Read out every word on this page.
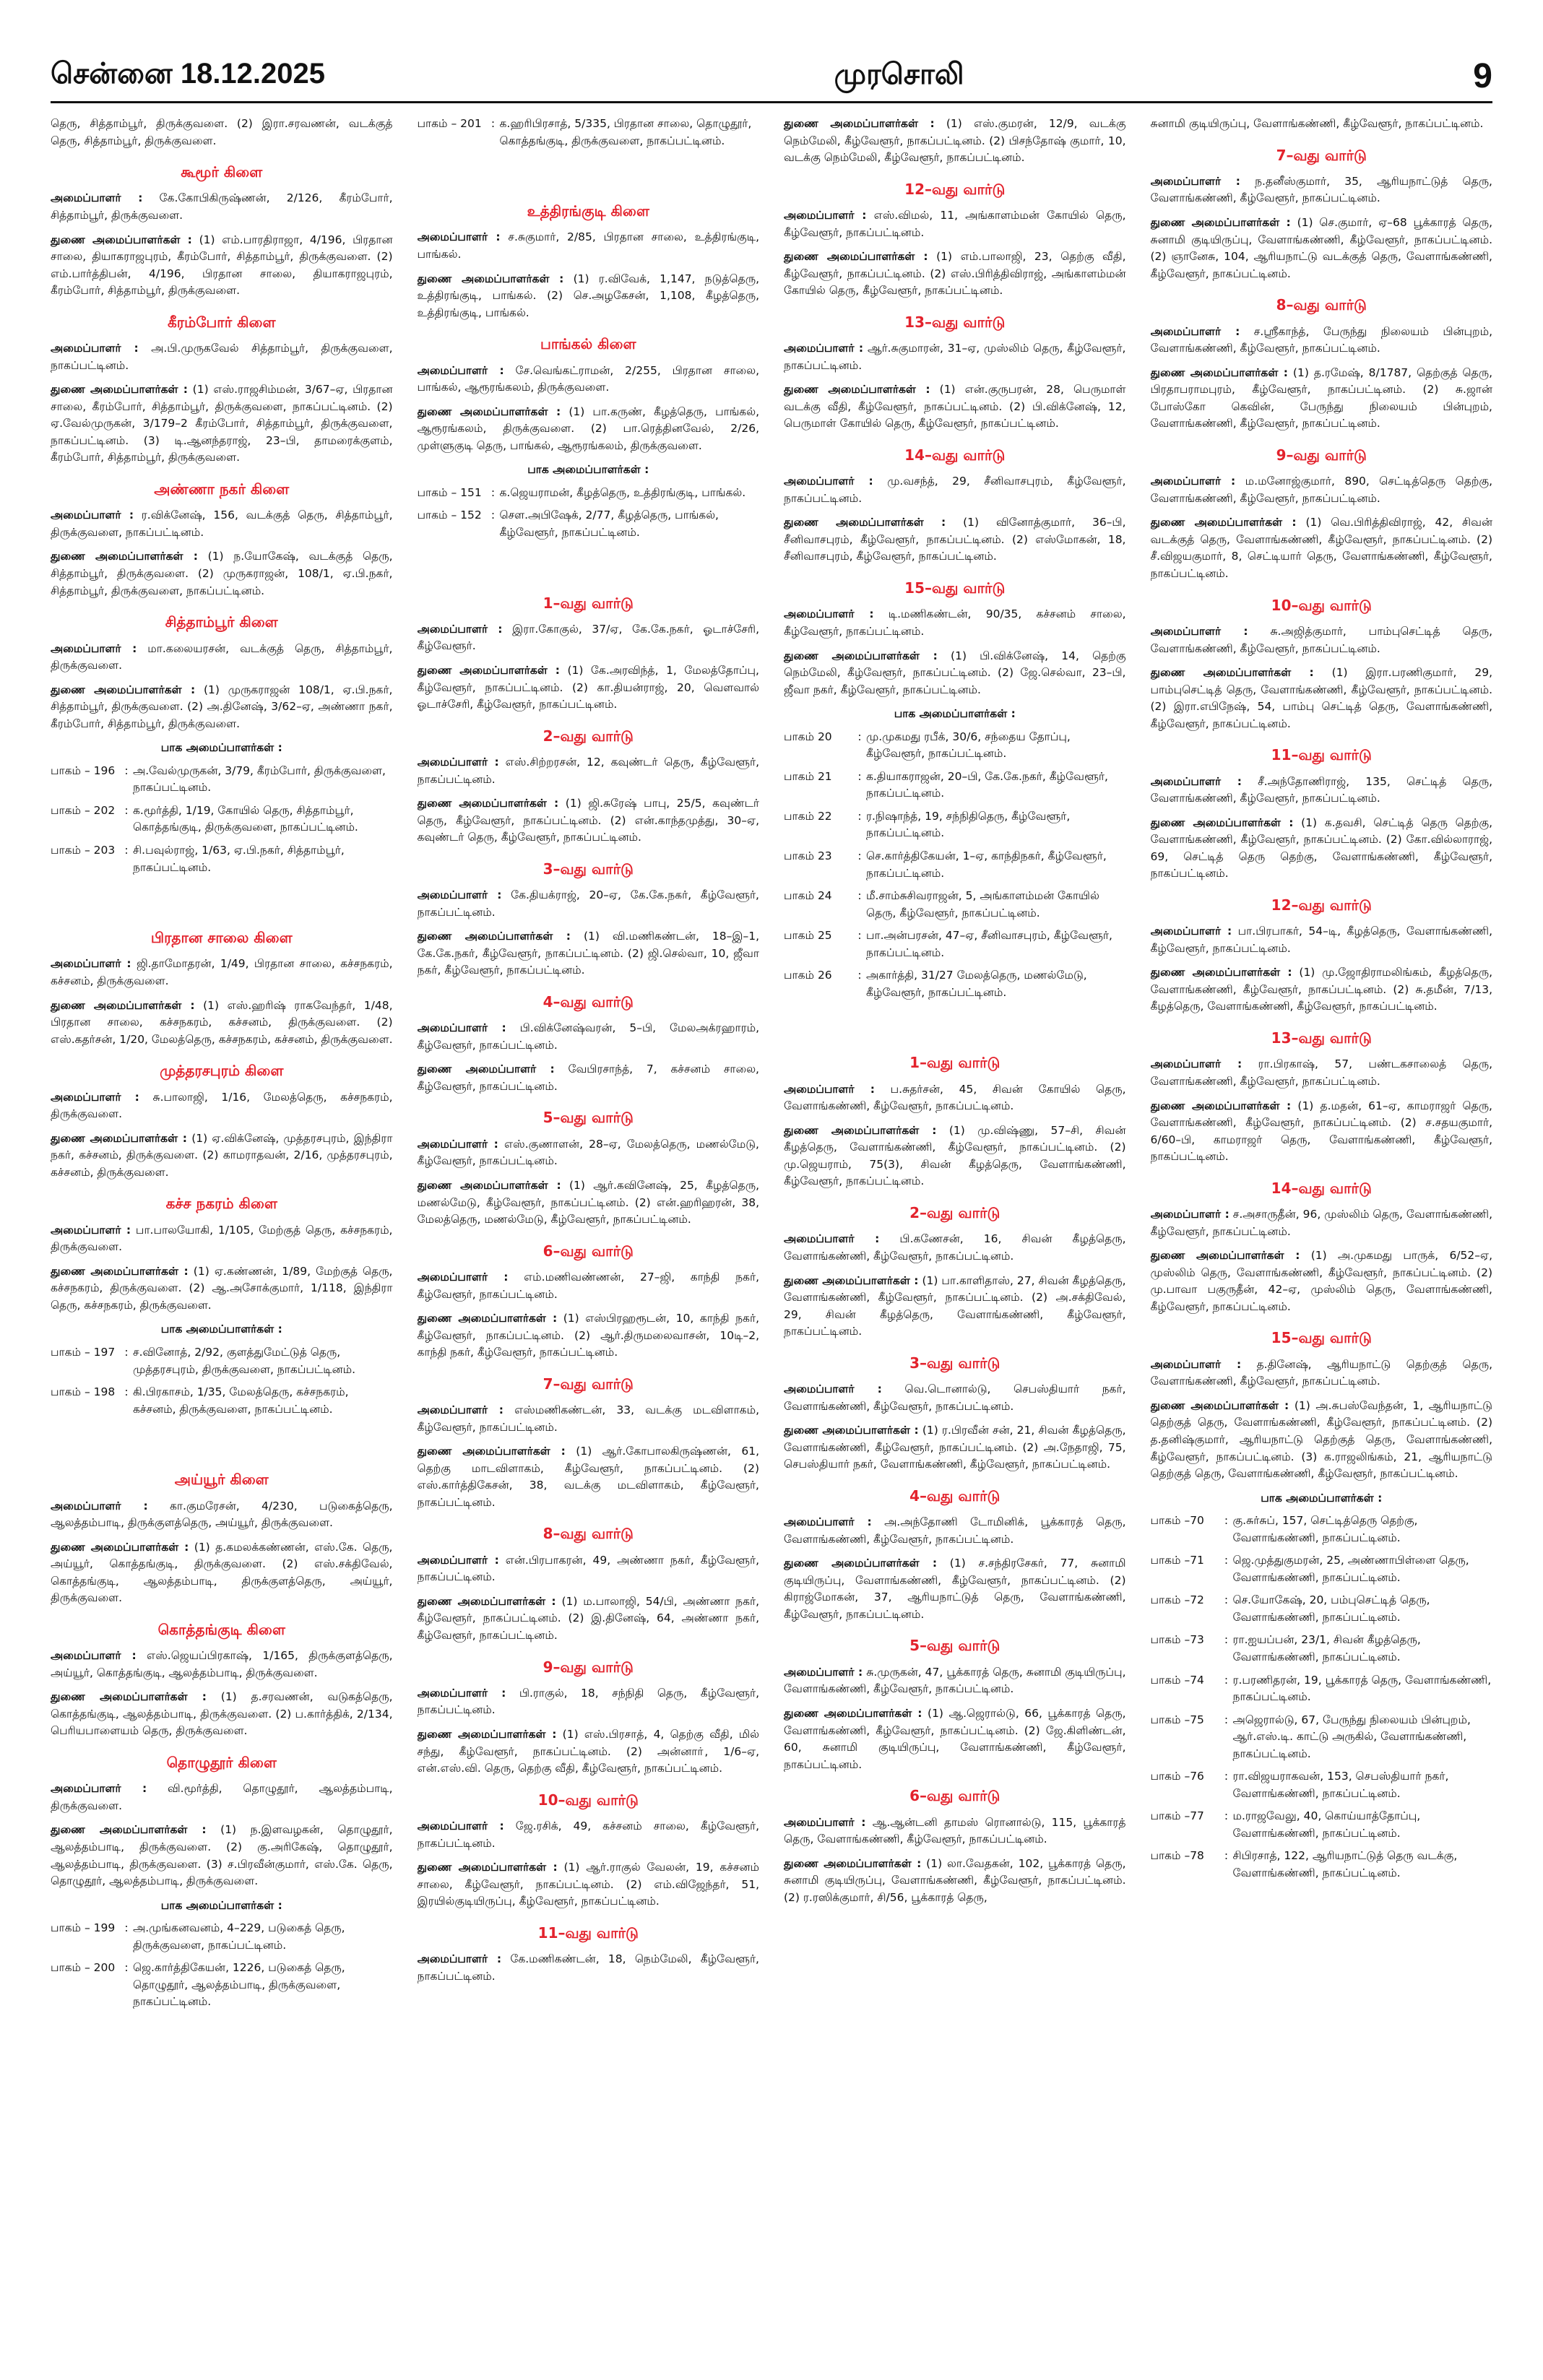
சென்னை 18.12.2025	முரசொலி	9
தெரு, சித்தாம்பூர், திருக்குவளை. (2) இரா.சரவணன், வடக்குத் தெரு, சித்தாம்பூர், திருக்குவளை.
கூமூர் கிளை
அமைப்பாளர் : கே.கோபிகிருஷ்ணன், 2/126, கீரம்போர், சித்தாம்பூர், திருக்குவளை.
துணை அமைப்பாளர்கள் : (1) எம்.பாரதிராஜா, 4/196, பிரதான சாலை, தியாகராஜபுரம், கீரம்போர், சித்தாம்பூர், திருக்குவளை. (2) எம்.பார்த்திபன், 4/196, பிரதான சாலை, தியாகராஜபுரம், கீரம்போர், சித்தாம்பூர், திருக்குவளை.
கீரம்போர் கிளை
அமைப்பாளர் : அ.பி.முருகவேல் சித்தாம்பூர், திருக்குவளை, நாகப்பட்டினம்.
துணை அமைப்பாளர்கள் : (1) எஸ்.ராஜசிம்மன், 3/67–ஏ, பிரதான சாலை, கீரம்போர், சித்தாம்பூர், திருக்குவளை, நாகப்பட்டினம். (2) ஏ.வேல்முருகன், 3/179–2 கீரம்போர், சித்தாம்பூர், திருக்குவளை, நாகப்பட்டினம். (3) டி.ஆனந்தராஜ், 23–பி, தாமரைக்குளம், கீரம்போர், சித்தாம்பூர், திருக்குவளை.
அண்ணா நகர் கிளை
அமைப்பாளர் : ர.விக்னேஷ், 156, வடக்குத் தெரு, சித்தாம்பூர், திருக்குவளை, நாகப்பட்டினம்.
துணை அமைப்பாளர்கள் : (1) ந.யோகேஷ், வடக்குத் தெரு, சித்தாம்பூர், திருக்குவளை. (2) முருகராஜன், 108/1, ஏ.பி.நகர், சித்தாம்பூர், திருக்குவளை, நாகப்பட்டினம்.
சித்தாம்பூர் கிளை
அமைப்பாளர் : மா.கலையரசன், வடக்குத் தெரு, சித்தாம்பூர், திருக்குவளை.
துணை அமைப்பாளர்கள் : (1) முருகராஜன் 108/1, ஏ.பி.நகர், சித்தாம்பூர், திருக்குவளை. (2) அ.தினேஷ், 3/62–ஏ, அண்ணா நகர், கீரம்போர், சித்தாம்பூர், திருக்குவளை.
பாக அமைப்பாளர்கள் :
பாகம் – 196 : அ.வேல்முருகன், 3/79, கீரம்போர், திருக்குவளை, நாகப்பட்டினம்.
பாகம் – 202 : க.மூர்த்தி, 1/19, கோயில் தெரு, சித்தாம்பூர், கொத்தங்குடி, திருக்குவளை, நாகப்பட்டினம்.
பாகம் – 203 : சி.பவுல்ராஜ், 1/63, ஏ.பி.நகர், சித்தாம்பூர், நாகப்பட்டினம்.
பிரதான சாலை கிளை
அமைப்பாளர் : ஜி.தாமோதரன், 1/49, பிரதான சாலை, கச்சநகரம், கச்சனம், திருக்குவளை.
துணை அமைப்பாளர்கள் : (1) எஸ்.ஹரிஷ் ராகவேந்தர், 1/48, பிரதான சாலை, கச்சநகரம், கச்சனம், திருக்குவளை. (2) எஸ்.கதர்சன், 1/20, மேலத்தெரு, கச்சநகரம், கச்சனம், திருக்குவளை.
முத்தரசபுரம் கிளை
அமைப்பாளர் : சு.பாலாஜி, 1/16, மேலத்தெரு, கச்சநகரம், திருக்குவளை.
துணை அமைப்பாளர்கள் : (1) ஏ.விக்னேஷ், முத்தரசபுரம், இந்திரா நகர், கச்சனம், திருக்குவளை. (2) காமராதவன், 2/16, முத்தரசபுரம், கச்சனம், திருக்குவளை.
கச்ச நகரம் கிளை
அமைப்பாளர் : பா.பாலயோகி, 1/105, மேற்குத் தெரு, கச்சநகரம், திருக்குவளை.
துணை அமைப்பாளர்கள் : (1) ஏ.கண்ணன், 1/89, மேற்குத் தெரு, கச்சநகரம், திருக்குவளை. (2) ஆ.அசோக்குமார், 1/118, இந்திரா தெரு, கச்சநகரம், திருக்குவளை.
பாக அமைப்பாளர்கள் :
பாகம் – 197 : ச.வினோத், 2/92, குளத்துமேட்டுத் தெரு, முத்தரசபுரம், திருக்குவளை, நாகப்பட்டினம்.
பாகம் – 198 : கி.பிரகாசம், 1/35, மேலத்தெரு, கச்சநகரம், கச்சனம், திருக்குவளை, நாகப்பட்டினம்.
அய்யூர் கிளை
அமைப்பாளர் : கா.குமரேசன், 4/230, படுகைத்தெரு, ஆலத்தம்பாடி, திருக்குளத்தெரு, அய்யூர், திருக்குவளை.
துணை அமைப்பாளர்கள் : (1) த.கமலக்கண்ணன், எஸ்.கே. தெரு, அய்யூர், கொத்தங்குடி, திருக்குவளை. (2) எஸ்.சக்திவேல், கொத்தங்குடி, ஆலத்தம்பாடி, திருக்குளத்தெரு, அய்யூர், திருக்குவளை.
கொத்தங்குடி கிளை
அமைப்பாளர் : எஸ்.ஜெயப்பிரகாஷ், 1/165, திருக்குளத்தெரு, அய்யூர், கொத்தங்குடி, ஆலத்தம்பாடி, திருக்குவளை.
துணை அமைப்பாளர்கள் : (1) த.சரவணன், வடுகத்தெரு, கொத்தங்குடி, ஆலத்தம்பாடி, திருக்குவளை. (2) ப.கார்த்திக், 2/134, பெரியபாளையம் தெரு, திருக்குவளை.
தொழுதூர் கிளை
அமைப்பாளர் : வி.மூர்த்தி, தொழுதூர், ஆலத்தம்பாடி, திருக்குவளை.
துணை அமைப்பாளர்கள் : (1) ந.இளவழகன், தொழுதூர், ஆலத்தம்பாடி, திருக்குவளை. (2) கு.அரிகேஷ், தொழுதூர், ஆலத்தம்பாடி, திருக்குவளை. (3) ச.பிரவீன்குமார், எஸ்.கே. தெரு, தொழுதூர், ஆலத்தம்பாடி, திருக்குவளை.
பாக அமைப்பாளர்கள் :
பாகம் – 199 : அ.முங்கனவனம், 4–229, படுகைத் தெரு, திருக்குவளை, நாகப்பட்டினம்.
பாகம் – 200 : ஜெ.கார்த்திகேயன், 1226, படுகைத் தெரு, தொழுதூர், ஆலத்தம்பாடி, திருக்குவளை, நாகப்பட்டினம்.
பாகம் – 201 : க.ஹரிபிரசாத், 5/335, பிரதான சாலை, தொழுதூர், கொத்தங்குடி, திருக்குவளை, நாகப்பட்டினம்.
உத்திரங்குடி கிளை
அமைப்பாளர் : ச.சுகுமார், 2/85, பிரதான சாலை, உத்திரங்குடி, பாங்கல்.
துணை அமைப்பாளர்கள் : (1) ர.விவேக், 1,147, நடுத்தெரு, உத்திரங்குடி, பாங்கல். (2) செ.அழகேசன், 1,108, கீழத்தெரு, உத்திரங்குடி, பாங்கல்.
பாங்கல் கிளை
அமைப்பாளர் : சே.வெங்கட்ராமன், 2/255, பிரதான சாலை, பாங்கல், ஆரூரங்கலம், திருக்குவளை.
துணை அமைப்பாளர்கள் : (1) பா.கருண், கீழத்தெரு, பாங்கல், ஆரூரங்கலம், திருக்குவளை. (2) பா.ரெத்தினவேல், 2/26, முள்ளுகுடி தெரு, பாங்கல், ஆரூரங்கலம், திருக்குவளை.
பாக அமைப்பாளர்கள் :
பாகம் – 151 : க.ஜெயராமன், கீழத்தெரு, உத்திரங்குடி, பாங்கல்.
பாகம் – 152 : சௌ.அபிஷேக், 2/77, கீழத்தெரு, பாங்கல், கீழ்வேளூர், நாகப்பட்டினம்.
1–வது வார்டு
அமைப்பாளர் : இரா.கோகுல், 37/ஏ, கே.கே.நகர், ஓடாச்சேரி, கீழ்வேளூர்.
துணை அமைப்பாளர்கள் : (1) கே.அரவிந்த், 1, மேலத்தோப்பு, கீழ்வேளூர், நாகப்பட்டினம். (2) கா.தியன்ராஜ், 20, வெளவால் ஓடாச்சேரி, கீழ்வேளூர், நாகப்பட்டினம்.
2–வது வார்டு
அமைப்பாளர் : எஸ்.சிற்றரசன், 12, கவுண்டர் தெரு, கீழ்வேளூர், நாகப்பட்டினம்.
துணை அமைப்பாளர்கள் : (1) ஜி.சுரேஷ் பாபு, 25/5, கவுண்டர் தெரு, கீழ்வேளூர், நாகப்பட்டினம். (2) என்.காந்தமுத்து, 30–ஏ, கவுண்டர் தெரு, கீழ்வேளூர், நாகப்பட்டினம்.
3–வது வார்டு
அமைப்பாளர் : கே.தியக்ராஜ், 20–ஏ, கே.கே.நகர், கீழ்வேளூர், நாகப்பட்டினம்.
துணை அமைப்பாளர்கள் : (1) வி.மணிகண்டன், 18–இ–1, கே.கே.நகர், கீழ்வேளூர், நாகப்பட்டினம். (2) ஜி.செல்வா, 10, ஜீவா நகர், கீழ்வேளூர், நாகப்பட்டினம்.
4–வது வார்டு
அமைப்பாளர் : பி.விக்னேஷ்வரன், 5–பி, மேலஅக்ரஹாரம், கீழ்வேளூர், நாகப்பட்டினம்.
துணை அமைப்பாளர் : வேபிரசாந்த், 7, கச்சனம் சாலை, கீழ்வேளூர், நாகப்பட்டினம்.
5–வது வார்டு
அமைப்பாளர் : எஸ்.குணாளன், 28–ஏ, மேலத்தெரு, மணல்மேடு, கீழ்வேளூர், நாகப்பட்டினம்.
துணை அமைப்பாளர்கள் : (1) ஆர்.கவினேஷ், 25, கீழத்தெரு, மணல்மேடு, கீழ்வேளூர், நாகப்பட்டினம். (2) என்.ஹரிஹரன், 38, மேலத்தெரு, மணல்மேடு, கீழ்வேளூர், நாகப்பட்டினம்.
6–வது வார்டு
அமைப்பாளர் : எம்.மணிவண்ணன், 27–ஜி, காந்தி நகர், கீழ்வேளூர், நாகப்பட்டினம்.
துணை அமைப்பாளர்கள் : (1) எஸ்பிரஹரூடன், 10, காந்தி நகர், கீழ்வேளூர், நாகப்பட்டினம். (2) ஆர்.திருமலைவாசன், 10டி–2, காந்தி நகர், கீழ்வேளூர், நாகப்பட்டினம்.
7–வது வார்டு
அமைப்பாளர் : எஸ்மணிகண்டன், 33, வடக்கு மடவிளாகம், கீழ்வேளூர், நாகப்பட்டினம்.
துணை அமைப்பாளர்கள் : (1) ஆர்.கோபாலகிருஷ்ணன், 61, தெற்கு மாடவிளாகம், கீழ்வேளூர், நாகப்பட்டினம். (2) எஸ்.கார்த்திகேசன், 38, வடக்கு மடவிளாகம், கீழ்வேளூர், நாகப்பட்டினம்.
8–வது வார்டு
அமைப்பாளர் : என்.பிரபாகரன், 49, அண்ணா நகர், கீழ்வேளூர், நாகப்பட்டினம்.
துணை அமைப்பாளர்கள் : (1) ம.பாலாஜி, 54/பி, அண்ணா நகர், கீழ்வேளூர், நாகப்பட்டினம். (2) இ.தினேஷ், 64, அண்ணா நகர், கீழ்வேளூர், நாகப்பட்டினம்.
9–வது வார்டு
அமைப்பாளர் : பி.ராகுல், 18, சந்நிதி தெரு, கீழ்வேளூர், நாகப்பட்டினம்.
துணை அமைப்பாளர்கள் : (1) எஸ்.பிரசாத், 4, தெற்கு வீதி, மில் சந்து, கீழ்வேளூர், நாகப்பட்டினம். (2) அன்னாா், 1/6–ஏ, என்.எஸ்.வி. தெரு, தெற்கு வீதி, கீழ்வேளூர், நாகப்பட்டினம்.
10–வது வார்டு
அமைப்பாளர் : ஜே.ரசிக், 49, கச்சனம் சாலை, கீழ்வேளூர், நாகப்பட்டினம்.
துணை அமைப்பாளர்கள் : (1) ஆர்.ராகுல் வேலன், 19, கச்சனம் சாலை, கீழ்வேளூர், நாகப்பட்டினம். (2) எம்.விஜேந்தர், 51, இரயில்குடியிருப்பு, கீழ்வேளூர், நாகப்பட்டினம்.
11–வது வார்டு
அமைப்பாளர் : கே.மணிகண்டன், 18, நெம்மேலி, கீழ்வேளூர், நாகப்பட்டினம்.
துணை அமைப்பாளர்கள் : (1) எஸ்.குமரன், 12/9, வடக்கு நெம்மேலி, கீழ்வேளூர், நாகப்பட்டினம். (2) பிசந்தோஷ் குமார், 10, வடக்கு நெம்மேலி, கீழ்வேளூர், நாகப்பட்டினம்.
12–வது வார்டு
அமைப்பாளர் : எஸ்.விமல், 11, அங்காளம்மன் கோயில் தெரு, கீழ்வேளூர், நாகப்பட்டினம்.
துணை அமைப்பாளர்கள் : (1) எம்.பாலாஜி, 23, தெற்கு வீதி, கீழ்வேளூர், நாகப்பட்டினம். (2) எஸ்.பிரித்திவிராஜ், அங்காளம்மன் கோயில் தெரு, கீழ்வேளூர், நாகப்பட்டினம்.
13–வது வார்டு
அமைப்பாளர் : ஆர்.சுகுமாரன், 31–ஏ, முஸ்லிம் தெரு, கீழ்வேளூர், நாகப்பட்டினம்.
துணை அமைப்பாளர்கள் : (1) என்.குருபரன், 28, பெருமாள் வடக்கு வீதி, கீழ்வேளூர், நாகப்பட்டினம். (2) பி.விக்னேஷ், 12, பெருமாள் கோயில் தெரு, கீழ்வேளூர், நாகப்பட்டினம்.
14–வது வார்டு
அமைப்பாளர் : மு.வசந்த், 29, சீனிவாசபுரம், கீழ்வேளூர், நாகப்பட்டினம்.
துணை அமைப்பாளர்கள் : (1) வினோத்குமார், 36–பி, சீனிவாசபுரம், கீழ்வேளூர், நாகப்பட்டினம். (2) எஸ்மோகன், 18, சீனிவாசபுரம், கீழ்வேளூர், நாகப்பட்டினம்.
15–வது வார்டு
அமைப்பாளர் : டி.மணிகண்டன், 90/35, கச்சனம் சாலை, கீழ்வேளூர், நாகப்பட்டினம்.
துணை அமைப்பாளர்கள் : (1) பி.விக்னேஷ், 14, தெற்கு நெம்மேலி, கீழ்வேளூர், நாகப்பட்டினம். (2) ஜே.செல்வா, 23–பி, ஜீவா நகர், கீழ்வேளூர், நாகப்பட்டினம்.
பாக அமைப்பாளர்கள் :
பாகம் 20	: மு.முகமது ரபீக், 30/6, சந்தைய தோப்பு, கீழ்வேளூர், நாகப்பட்டினம்.
பாகம் 21	: க.தியாகராஜன், 20–பி, கே.கே.நகர், கீழ்வேளூர், நாகப்பட்டினம்.
பாகம் 22	: ர.நிஷாந்த், 19, சந்நிதிதெரு, கீழ்வேளூர், நாகப்பட்டினம்.
பாகம் 23	: செ.கார்த்திகேயன், 1–ஏ, காந்திநகர், கீழ்வேளூர், நாகப்பட்டினம்.
பாகம் 24	: மீ.சாம்சுசிவராஜன், 5, அங்காளம்மன் கோயில் தெரு, கீழ்வேளூர், நாகப்பட்டினம்.
பாகம் 25	: பா.அன்பரசன், 47–ஏ, சீனிவாசபுரம், கீழ்வேளூர், நாகப்பட்டினம்.
பாகம் 26	: அகார்த்தி, 31/27 மேலத்தெரு, மணல்மேடு, கீழ்வேளூர், நாகப்பட்டினம்.
1–வது வார்டு
அமைப்பாளர் : ப.சுதர்சன், 45, சிவன் கோயில் தெரு, வேளாங்கண்ணி, கீழ்வேளூர், நாகப்பட்டினம்.
துணை அமைப்பாளர்கள் : (1) மு.விஷ்ணு, 57–சி, சிவன் கீழத்தெரு, வேளாங்கண்ணி, கீழ்வேளூர், நாகப்பட்டினம். (2) மு.ஜெயராம், 75(3), சிவன் கீழத்தெரு, வேளாங்கண்ணி, கீழ்வேளூர், நாகப்பட்டினம்.
2–வது வார்டு
அமைப்பாளர் : பி.கணேசன், 16, சிவன் கீழத்தெரு, வேளாங்கண்ணி, கீழ்வேளூர், நாகப்பட்டினம்.
துணை அமைப்பாளர்கள் : (1) பா.காளிதாஸ், 27, சிவன் கீழத்தெரு, வேளாங்கண்ணி, கீழ்வேளூர், நாகப்பட்டினம். (2) அ.சக்திவேல், 29, சிவன் கீழத்தெரு, வேளாங்கண்ணி, கீழ்வேளூர், நாகப்பட்டினம்.
3–வது வார்டு
அமைப்பாளர் : வெ.டொனால்டு, செபஸ்தியார் நகர், வேளாங்கண்ணி, கீழ்வேளூர், நாகப்பட்டினம்.
துணை அமைப்பாளர்கள் : (1) ர.பிரவீன் சன், 21, சிவன் கீழத்தெரு, வேளாங்கண்ணி, கீழ்வேளூர், நாகப்பட்டினம். (2) அ.நேதாஜி, 75, செபஸ்தியார் நகர், வேளாங்கண்ணி, கீழ்வேளூர், நாகப்பட்டினம்.
4–வது வார்டு
அமைப்பாளர் : அ.அந்தோணி டோமினிக், பூக்காரத் தெரு, வேளாங்கண்ணி, கீழ்வேளூர், நாகப்பட்டினம்.
துணை அமைப்பாளர்கள் : (1) ச.சந்திரசேகர், 77, சுனாமி குடியிருப்பு, வேளாங்கண்ணி, கீழ்வேளூர், நாகப்பட்டினம். (2) கிராஜ்மோகன், 37, ஆரியநாட்டுத் தெரு, வேளாங்கண்ணி, கீழ்வேளூர், நாகப்பட்டினம்.
5–வது வார்டு
அமைப்பாளர் : சு.முருகன், 47, பூக்காரத் தெரு, சுனாமி குடியிருப்பு, வேளாங்கண்ணி, கீழ்வேளூர், நாகப்பட்டினம்.
துணை அமைப்பாளர்கள் : (1) ஆ.ஜெரால்டு, 66, பூக்காரத் தெரு, வேளாங்கண்ணி, கீழ்வேளூர், நாகப்பட்டினம். (2) ஜே.கிளிண்டன், 60, சுனாமி குடியிருப்பு, வேளாங்கண்ணி, கீழ்வேளூர், நாகப்பட்டினம்.
6–வது வார்டு
அமைப்பாளர் : ஆ.ஆன்டனி தாமஸ் ரொனால்டு, 115, பூக்காரத் தெரு, வேளாங்கண்ணி, கீழ்வேளூர், நாகப்பட்டினம்.
துணை அமைப்பாளர்கள் : (1) லா.வேதகன், 102, பூக்காரத் தெரு, சுனாமி குடியிருப்பு, வேளாங்கண்ணி, கீழ்வேளூர், நாகப்பட்டினம். (2) ர.ரஸிக்குமார், சி/56, பூக்காரத் தெரு,
சுனாமி குடியிருப்பு, வேளாங்கண்ணி, கீழ்வேளூர், நாகப்பட்டினம்.
7–வது வார்டு
அமைப்பாளர் : ந.தனீஸ்குமார், 35, ஆரியநாட்டுத் தெரு, வேளாங்கண்ணி, கீழ்வேளூர், நாகப்பட்டினம்.
துணை அமைப்பாளர்கள் : (1) செ.குமார், ஏ–68 பூக்காரத் தெரு, சுனாமி குடியிருப்பு, வேளாங்கண்ணி, கீழ்வேளூர், நாகப்பட்டினம். (2) ஞானேசு, 104, ஆரியநாட்டு வடக்குத் தெரு, வேளாங்கண்ணி, கீழ்வேளூர், நாகப்பட்டினம்.
8–வது வார்டு
அமைப்பாளர் : ச.ஸ்ரீகாந்த், பேருந்து நிலையம் பின்புறம், வேளாங்கண்ணி, கீழ்வேளூர், நாகப்பட்டினம்.
துணை அமைப்பாளர்கள் : (1) த.ரமேஷ், 8/1787, தெற்குத் தெரு, பிரதாபராமபுரம், கீழ்வேளூர், நாகப்பட்டினம். (2) சு.ஜான் போஸ்கோ கெவின், பேருந்து நிலையம் பின்புறம், வேளாங்கண்ணி, கீழ்வேளூர், நாகப்பட்டினம்.
9–வது வார்டு
அமைப்பாளர் : ம.மனோஜ்குமார், 890, செட்டித்தெரு தெற்கு, வேளாங்கண்ணி, கீழ்வேளூர், நாகப்பட்டினம்.
துணை அமைப்பாளர்கள் : (1) வெ.பிரித்திவிராஜ், 42, சிவன் வடக்குத் தெரு, வேளாங்கண்ணி, கீழ்வேளூர், நாகப்பட்டினம். (2) சீ.விஜயகுமார், 8, செட்டியார் தெரு, வேளாங்கண்ணி, கீழ்வேளூர், நாகப்பட்டினம்.
10–வது வார்டு
அமைப்பாளர் : சு.அஜித்குமார், பாம்புசெட்டித் தெரு, வேளாங்கண்ணி, கீழ்வேளூர், நாகப்பட்டினம்.
துணை அமைப்பாளர்கள் : (1) இரா.பரணிகுமார், 29, பாம்புசெட்டித் தெரு, வேளாங்கண்ணி, கீழ்வேளூர், நாகப்பட்டினம். (2) இரா.எபிநேஷ், 54, பாம்பு செட்டித் தெரு, வேளாங்கண்ணி, கீழ்வேளூர், நாகப்பட்டினம்.
11–வது வார்டு
அமைப்பாளர் : சீ.அந்தோணிராஜ், 135, செட்டித் தெரு, வேளாங்கண்ணி, கீழ்வேளூர், நாகப்பட்டினம்.
துணை அமைப்பாளர்கள் : (1) க.தவசி, செட்டித் தெரு தெற்கு, வேளாங்கண்ணி, கீழ்வேளூர், நாகப்பட்டினம். (2) கோ.வில்லாராஜ், 69, செட்டித் தெரு தெற்கு, வேளாங்கண்ணி, கீழ்வேளூர், நாகப்பட்டினம்.
12–வது வார்டு
அமைப்பாளர் : பா.பிரபாகர், 54–டி, கீழத்தெரு, வேளாங்கண்ணி, கீழ்வேளூர், நாகப்பட்டினம்.
துணை அமைப்பாளர்கள் : (1) மு.ஜோதிராமலிங்கம், கீழத்தெரு, வேளாங்கண்ணி, கீழ்வேளூர், நாகப்பட்டினம். (2) சு.தமீன், 7/13, கீழத்தெரு, வேளாங்கண்ணி, கீழ்வேளூர், நாகப்பட்டினம்.
13–வது வார்டு
அமைப்பாளர் : ரா.பிரகாஷ், 57, பண்டகசாலைத் தெரு, வேளாங்கண்ணி, கீழ்வேளூர், நாகப்பட்டினம்.
துணை அமைப்பாளர்கள் : (1) த.மதன், 61–ஏ, காமராஜர் தெரு, வேளாங்கண்ணி, கீழ்வேளூர், நாகப்பட்டினம். (2) ச.சதயகுமார், 6/60–பி, காமராஜர் தெரு, வேளாங்கண்ணி, கீழ்வேளூர், நாகப்பட்டினம்.
14–வது வார்டு
அமைப்பாளர் : ச.அசாருதீன், 96, முஸ்லிம் தெரு, வேளாங்கண்ணி, கீழ்வேளூர், நாகப்பட்டினம்.
துணை அமைப்பாளர்கள் : (1) அ.முகமது பாருக், 6/52–ஏ, முஸ்லிம் தெரு, வேளாங்கண்ணி, கீழ்வேளூர், நாகப்பட்டினம். (2) மு.பாவா பகுருதீன், 42–ஏ, முஸ்லிம் தெரு, வேளாங்கண்ணி, கீழ்வேளூர், நாகப்பட்டினம்.
15–வது வார்டு
அமைப்பாளர் : த.தினேஷ், ஆரியநாட்டு தெற்குத் தெரு, வேளாங்கண்ணி, கீழ்வேளூர், நாகப்பட்டினம்.
துணை அமைப்பாளர்கள் : (1) அ.சுபஸ்வேந்தன், 1, ஆரியநாட்டு தெற்குத் தெரு, வேளாங்கண்ணி, கீழ்வேளூர், நாகப்பட்டினம். (2) த.தனிஷ்குமார், ஆரியநாட்டு தெற்குத் தெரு, வேளாங்கண்ணி, கீழ்வேளூர், நாகப்பட்டினம். (3) க.ராஜலிங்கம், 21, ஆரியநாட்டு தெற்குத் தெரு, வேளாங்கண்ணி, கீழ்வேளூர், நாகப்பட்டினம்.
பாக அமைப்பாளர்கள் :
பாகம் –70	: கு.சுர்சுப், 157, செட்டித்தெரு தெற்கு, வேளாங்கண்ணி, நாகப்பட்டினம்.
பாகம் –71	: ஜெ.முத்துகுமரன், 25, அண்ணாபிள்ளை தெரு, வேளாங்கண்ணி, நாகப்பட்டினம்.
பாகம் –72	: செ.யோகேஷ், 20, பம்புசெட்டித் தெரு, வேளாங்கண்ணி, நாகப்பட்டினம்.
பாகம் –73	: ரா.ஐயப்பன், 23/1, சிவன் கீழத்தெரு, வேளாங்கண்ணி, நாகப்பட்டினம்.
பாகம் –74	: ர.பரணிதரன், 19, பூக்காரத் தெரு, வேளாங்கண்ணி, நாகப்பட்டினம்.
பாகம் –75	: அஜெரால்டு, 67, பேருந்து நிலையம் பின்புறம், ஆர்.எஸ்.டி. காட்டு அருகில், வேளாங்கண்ணி, நாகப்பட்டினம்.
பாகம் –76	: ரா.விஜயராகவன், 153, செபஸ்தியார் நகர், வேளாங்கண்ணி, நாகப்பட்டினம்.
பாகம் –77	: ம.ராஜவேலு, 40, கொய்யாத்தோப்பு, வேளாங்கண்ணி, நாகப்பட்டினம்.
பாகம் –78	: சிபிரசாத், 122, ஆரியநாட்டுத் தெரு வடக்கு, வேளாங்கண்ணி, நாகப்பட்டினம்.
